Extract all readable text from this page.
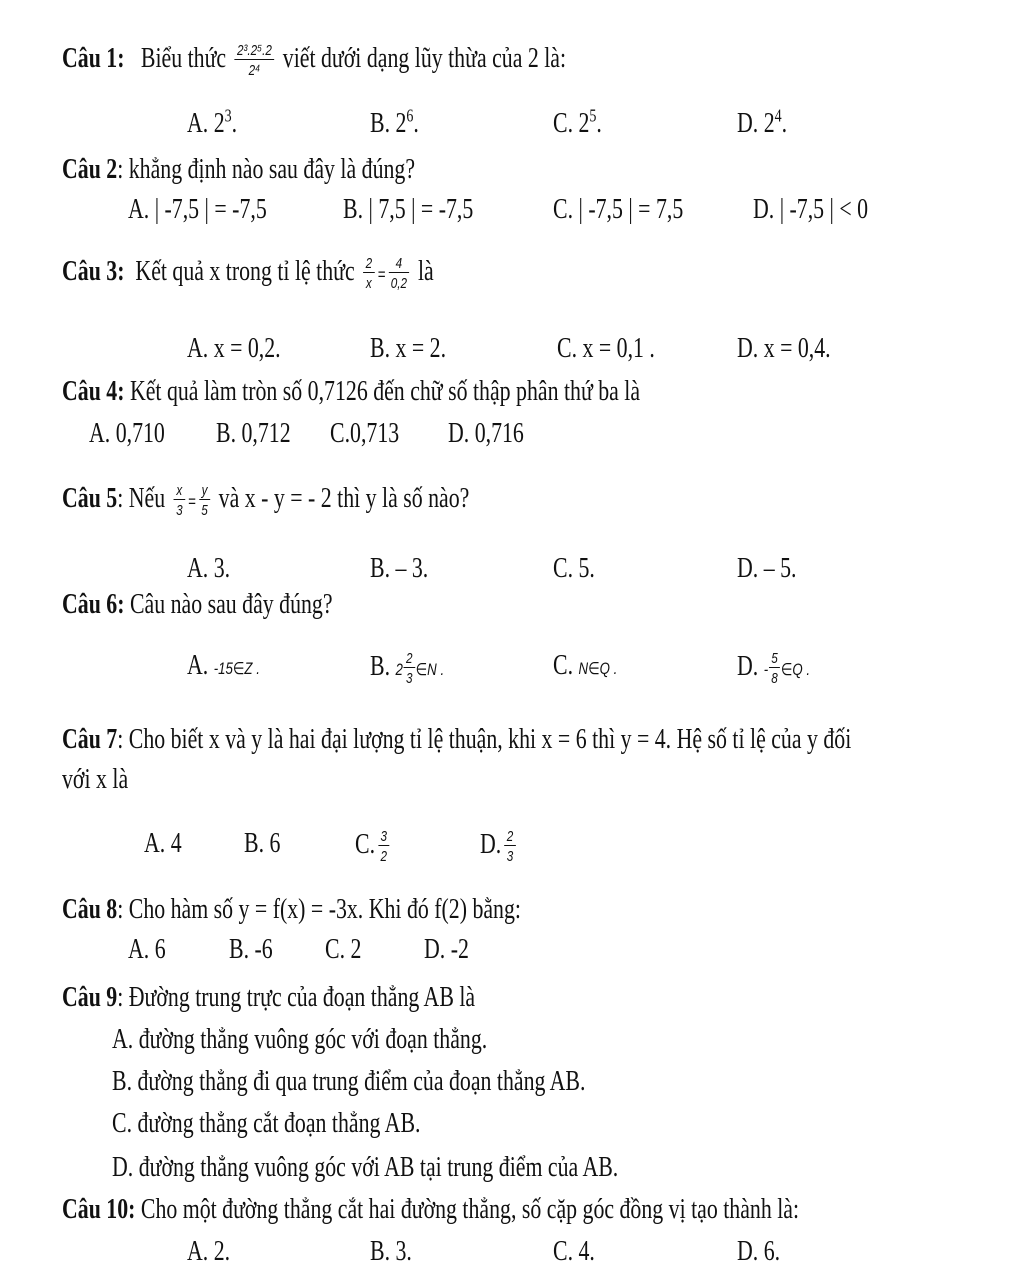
Câu 1: Biểu thức $\frac{\text{2³.2⁵.2}}{\text{2⁴}}$ viết dưới dạng lũy thừa của 2 là:
A. $2^3$.	B. $2^6$.	C. $2^5$.	D. $2^4$.
Câu 2: khẳng định nào sau đây là đúng?
A. | -7,5 | = -7,5	B. | 7,5 | = -7,5	C. | -7,5 | = 7,5 D. | -7,5 | < 0
Câu 3: Kết quả x trong tỉ lệ thức $\frac{2}{x} = \frac{4}{0,2}$ là
A. x = 0,2.	B. x = 2.	C. x = 0,1 .	D. x = 0,4.
Câu 4: Kết quả làm tròn số 0,7126 đến chữ số thập phân thứ ba là
A. 0,710 B. 0,712 C.0,713 D. 0,716
Câu 5: Nếu $\frac{x}{3} = \frac{y}{5}$ và x - y = - 2 thì y là số nào?
A. 3.	B. – 3.	C. 5.	D. – 5.
Câu 6: Câu nào sau đây đúng?
A. -15∈Z .	B. $2 \frac{2}{3}$ ∈N .	C. N∈Q .	D. - $\frac{5}{8}$ ∈Q .
Câu 7: Cho biết x và y là hai đại lượng tỉ lệ thuận, khi x = 6 thì y = 4. Hệ số tỉ lệ của y đối
với x là
A. 4 B. 6	C. $\frac{3}{2}$	D. $\frac{2}{3}$
Câu 8: Cho hàm số y = f(x) = -3x. Khi đó f(2) bằng:
A. 6 B. -6 C. 2 D. -2
Câu 9: Đường trung trực của đoạn thẳng AB là
A. đường thẳng vuông góc với đoạn thẳng.
B. đường thẳng đi qua trung điểm của đoạn thẳng AB.
C. đường thẳng cắt đoạn thẳng AB.
D. đường thẳng vuông góc với AB tại trung điểm của AB.
Câu 10: Cho một đường thẳng cắt hai đường thẳng, số cặp góc đồng vị tạo thành là:
A. 2.	B. 3.	C. 4.	D. 6.
